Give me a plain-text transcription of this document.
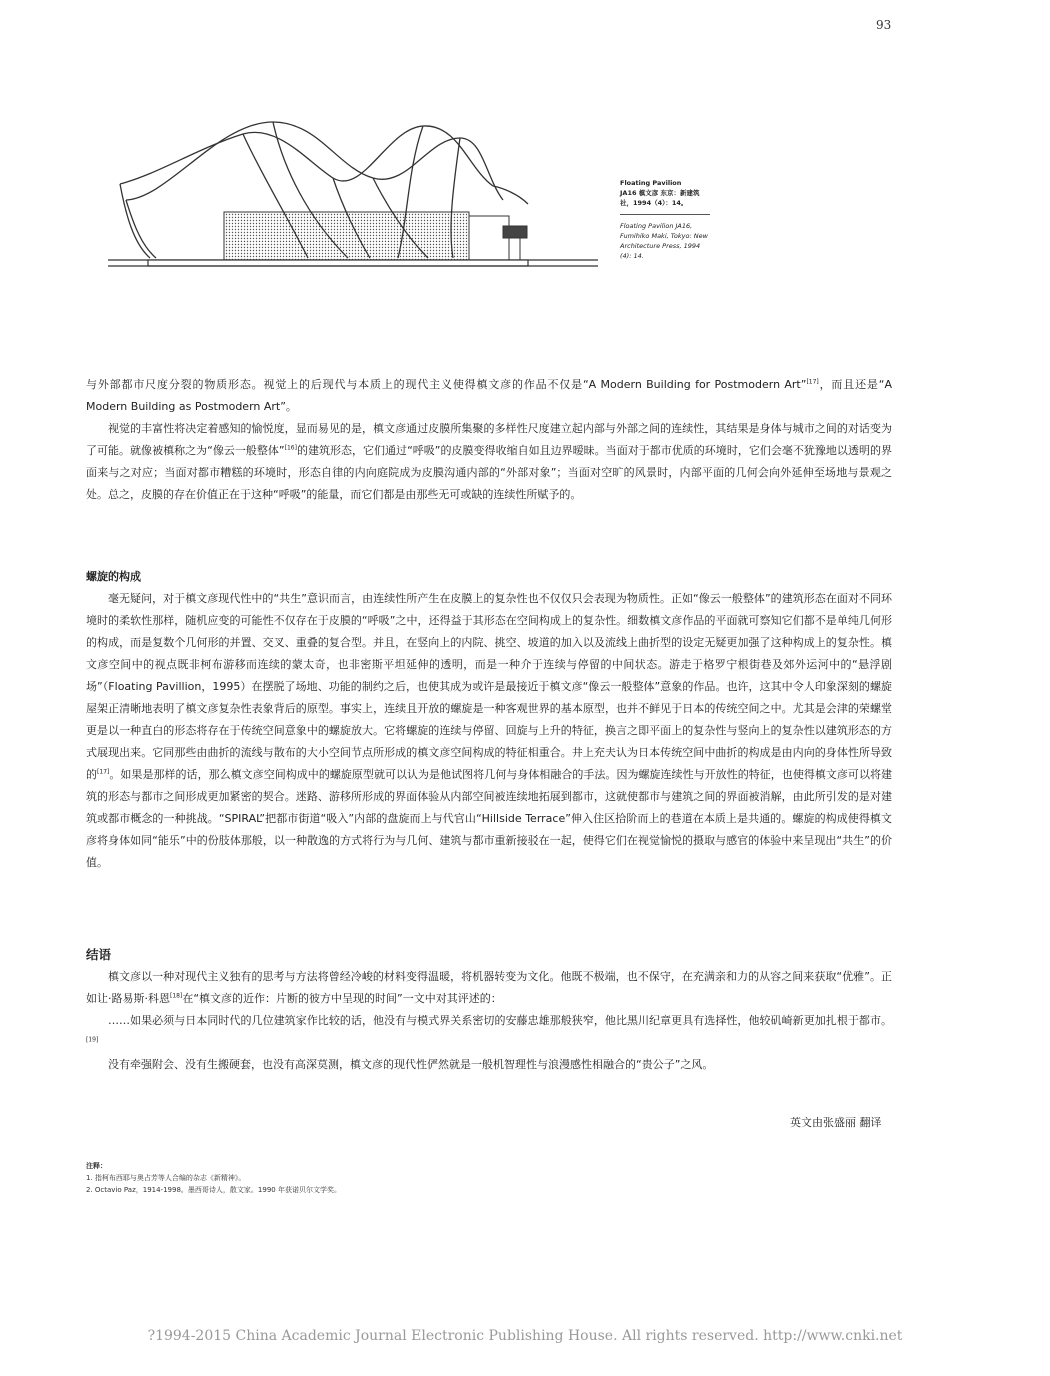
93
Floating Pavilion
JA16 槙文彦 东京：新建筑社，1994（4）：14。
Floating Pavilion JA16, Fumihiko Maki, Tokyo: New Architecture Press, 1994 (4): 14.

与外部都市尺度分裂的物质形态。视觉上的后现代与本质上的现代主义使得槙文彦的作品不仅是“A Modern Building for Postmodern Art”[17]，而且还是“A Modern Building as Postmodern Art”。

视觉的丰富性将决定着感知的愉悦度，显而易见的是，槙文彦通过皮膜所集聚的多样性尺度建立起内部与外部之间的连续性，其结果是身体与城市之间的对话变为了可能。就像被槙称之为“像云一般整体”[16]的建筑形态，它们通过“呼吸”的皮膜变得收缩自如且边界暧昧。当面对于都市优质的环境时，它们会毫不犹豫地以透明的界面来与之对应；当面对都市糟糕的环境时，形态自律的内向庭院成为皮膜沟通内部的“外部对象”；当面对空旷的风景时，内部平面的几何会向外延伸至场地与景观之处。总之，皮膜的存在价值正在于这种“呼吸”的能量，而它们都是由那些无可或缺的连续性所赋予的。

螺旋的构成

毫无疑问，对于槙文彦现代性中的“共生”意识而言，由连续性所产生在皮膜上的复杂性也不仅仅只会表现为物质性。正如“像云一般整体”的建筑形态在面对不同环境时的柔软性那样，随机应变的可能性不仅存在于皮膜的“呼吸”之中，还得益于其形态在空间构成上的复杂性。细数槙文彦作品的平面就可察知它们都不是单纯几何形的构成，而是复数个几何形的并置、交叉、重叠的复合型。并且，在竖向上的内院、挑空、坡道的加入以及流线上曲折型的设定无疑更加强了这种构成上的复杂性。槙文彦空间中的视点既非柯布游移而连续的蒙太奇，也非密斯平坦延伸的透明，而是一种介于连续与停留的中间状态。游走于格罗宁根街巷及郊外运河中的“悬浮剧场”（Floating Pavillion，1995）在摆脱了场地、功能的制约之后，也使其成为或许是最接近于槙文彦“像云一般整体”意象的作品。也许，这其中令人印象深刻的螺旋屋架正清晰地表明了槙文彦复杂性表象背后的原型。事实上，连续且开放的螺旋是一种客观世界的基本原型，也并不鲜见于日本的传统空间之中。尤其是会津的荣螺堂更是以一种直白的形态将存在于传统空间意象中的螺旋放大。它将螺旋的连续与停留、回旋与上升的特征，换言之即平面上的复杂性与竖向上的复杂性以建筑形态的方式展现出来。它同那些由曲折的流线与散布的大小空间节点所形成的槙文彦空间构成的特征相重合。井上充夫认为日本传统空间中曲折的构成是由内向的身体性所导致的[17]。如果是那样的话，那么槙文彦空间构成中的螺旋原型就可以认为是他试图将几何与身体相融合的手法。因为螺旋连续性与开放性的特征，也使得槙文彦可以将建筑的形态与都市之间形成更加紧密的契合。迷路、游移所形成的界面体验从内部空间被连续地拓展到都市，这就使都市与建筑之间的界面被消解，由此所引发的是对建筑或都市概念的一种挑战。“SPIRAL”把都市街道“吸入”内部的盘旋而上与代官山“Hillside Terrace”伸入住区拾阶而上的巷道在本质上是共通的。螺旋的构成使得槙文彦将身体如同“能乐”中的份肢体那般，以一种散逸的方式将行为与几何、建筑与都市重新接驳在一起，使得它们在视觉愉悦的摄取与感官的体验中来呈现出“共生”的价值。

结语

槙文彦以一种对现代主义独有的思考与方法将曾经冷峻的材料变得温暖，将机器转变为文化。他既不极端，也不保守，在充满亲和力的从容之间来获取“优雅”。正如让·路易斯·科恩[18]在“槙文彦的近作：片断的彼方中呈现的时间”一文中对其评述的：

……如果必须与日本同时代的几位建筑家作比较的话，他没有与模式界关系密切的安藤忠雄那般狭窄，他比黑川纪章更具有选择性，他较矶崎新更加扎根于都市。[19]

没有牵强附会、没有生搬硬套，也没有高深莫测，槙文彦的现代性俨然就是一般机智理性与浪漫感性相融合的“贵公子”之风。

英文由张盛丽 翻译
注释：
1. 指柯布西耶与奥占芳等人合编的杂志《新精神》。
2. Octavio Paz，1914-1998。墨西哥诗人，散文家。1990 年获诺贝尔文学奖。
?1994-2015 China Academic Journal Electronic Publishing House. All rights reserved. http://www.cnki.net
